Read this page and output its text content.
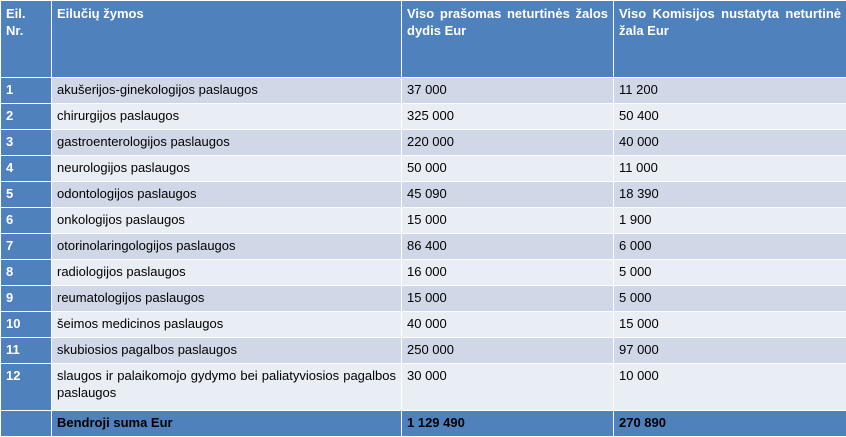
Eil. Nr.	Eilučių žymos	Viso prašomas neturtinės žalos dydis Eur	Viso Komisijos nustatyta neturtinė žala Eur

1	akušerijos-ginekologijos paslaugos	37 000	11 200
2	chirurgijos paslaugos	325 000	50 400
3	gastroenterologijos paslaugos	220 000	40 000
4	neurologijos paslaugos	50 000	11 000
5	odontologijos paslaugos	45 090	18 390
6	onkologijos paslaugos	15 000	1 900
7	otorinolaringologijos paslaugos	86 400	6 000
8	radiologijos paslaugos	16 000	5 000
9	reumatologijos paslaugos	15 000	5 000
10	šeimos medicinos paslaugos	40 000	15 000
11	skubiosios pagalbos paslaugos	250 000	97 000
12	slaugos ir palaikomojo gydymo bei paliatyviosios pagalbos paslaugos	30 000	10 000
	Bendroji suma Eur	1 129 490	270 890
